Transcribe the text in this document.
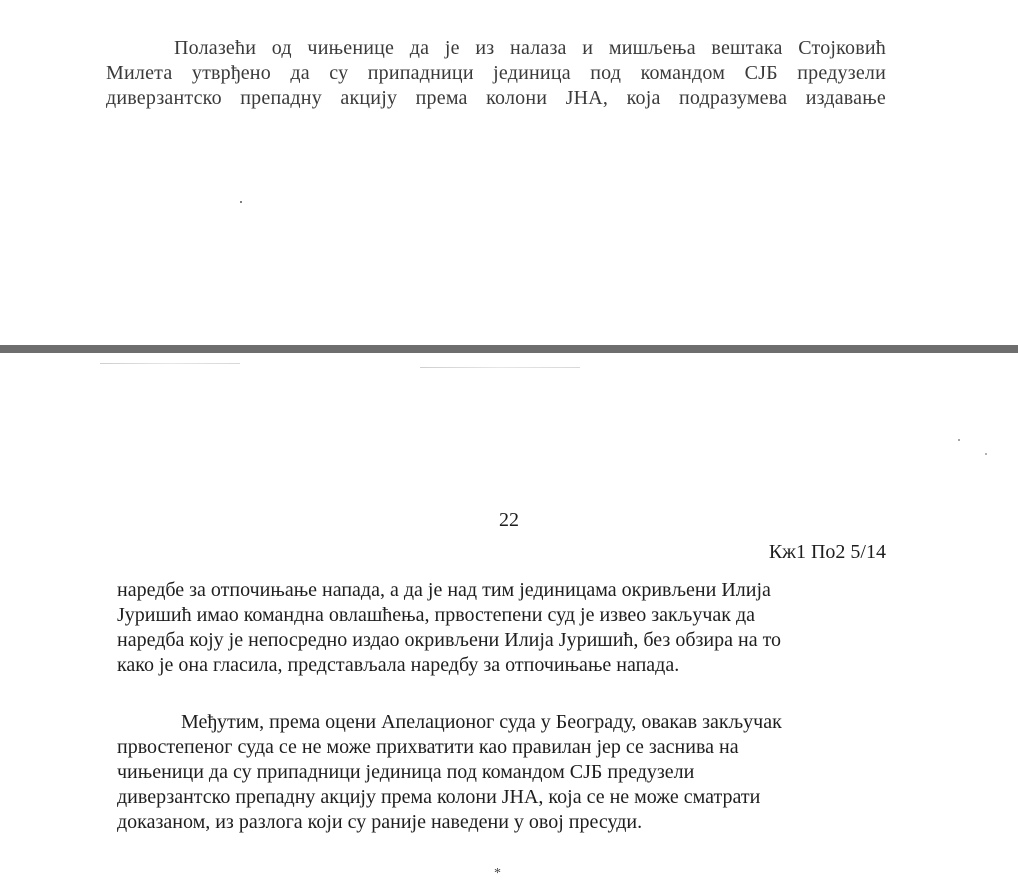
Полазећи од чињенице да је из налаза и мишљења вештака Стојковић
Милета утврђено да су припадници јединица под командом СЈБ предузели
диверзантско препадну акцију према колони ЈНА, која подразумева издавање

22
Кж1 По2 5/14

наредбе за отпочињање напада, а да је над тим јединицама окривљени Илија
Јуришић имао командна овлашћења, првостепени суд је извео закључак да
наредба коју је непосредно издао окривљени Илија Јуришић, без обзира на то
како је она гласила, представљала наредбу за отпочињање напада.

Међутим, према оцени Апелационог суда у Београду, овакав закључак
првостепеног суда се не може прихватити као правилан јер се заснива на
чињеници да су припадници јединица под командом СЈБ предузели
диверзантско препадну акцију према колони ЈНА, која се не може сматрати
доказаном, из разлога који су раније наведени у овој пресуди.

*
